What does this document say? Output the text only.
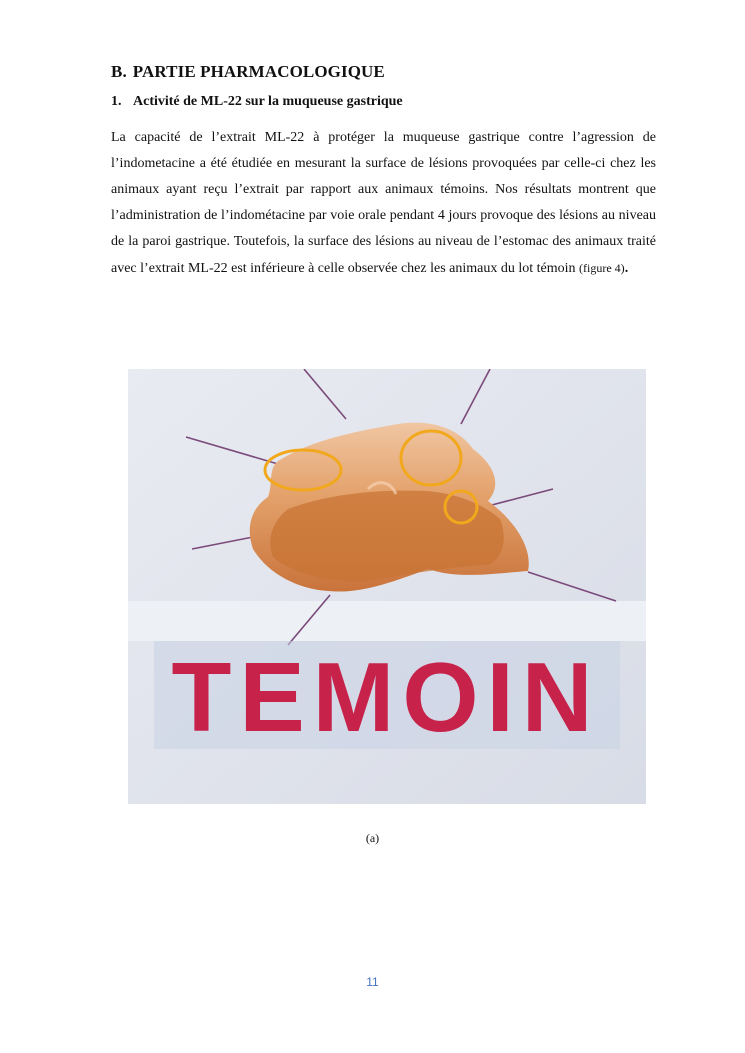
B. PARTIE PHARMACOLOGIQUE
1. Activité de ML-22 sur la muqueuse gastrique
La capacité de l’extrait ML-22 à protéger la muqueuse gastrique contre l’agression de l’indometacine a été étudiée en mesurant la surface de lésions provoquées par celle-ci chez les animaux ayant reçu l’extrait par rapport aux animaux témoins. Nos résultats montrent que l’administration de l’indométacine par voie orale pendant 4 jours provoque des lésions au niveau de la paroi gastrique. Toutefois, la surface des lésions au niveau de l’estomac des animaux traité avec l’extrait ML-22 est inférieure à celle observée chez les animaux du lot témoin (figure 4).
TEMOIN
(a)
11
